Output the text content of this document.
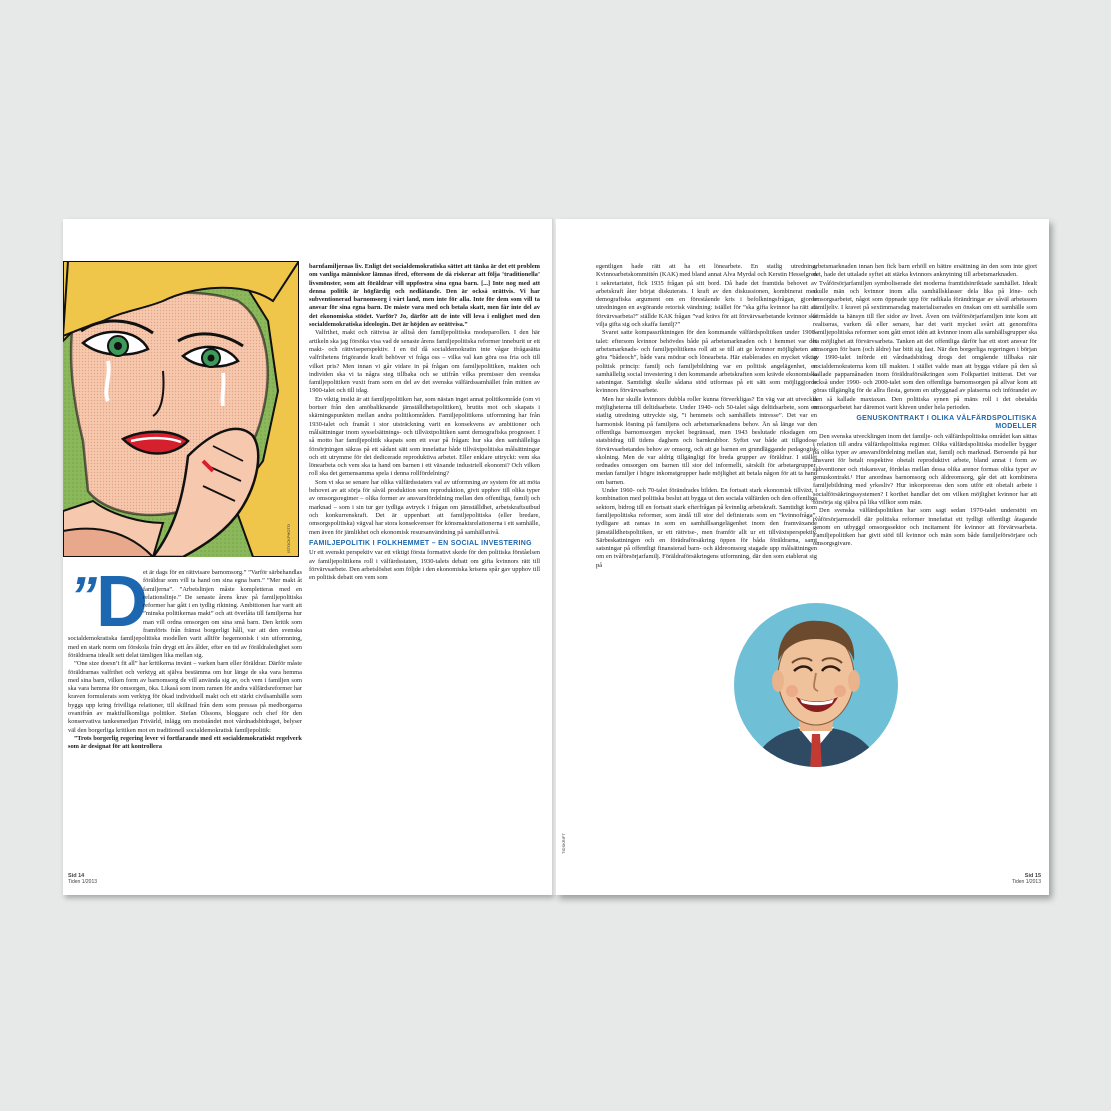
ISTOCKPHOTO
” D

et är dags för en rättvisare barnomsorg.” ”Varför särbehandlas föräldrar som vill ta hand om sina egna barn.” ”Mer makt åt familjerna”. ”Arbetslinjen måste kompletteras med en relationslinje.” De senaste årens krav på familjepolitiska reformer har gått i en tydlig riktning. Ambitionen har varit att ”minska politikernas makt” och att överlåta till familjerna hur man vill ordna omsorgen om sina små barn. Den kritik som framförts från främst borgerligt håll, var att den svenska socialdemokratiska familjepolitiska modellen varit alltför hegemonisk i sin utformning, med en stark norm om förskola från drygt ett års ålder, efter en tid av föräldraledighet som föräldrarna ideallt sett delat tämligen lika mellan sig.

”One size doesn’t fit all” har kritikerna invänt – varken barn eller föräldrar. Därför måste föräldrarnas valfrihet och verktyg att själva bestämma om hur länge de ska vara hemma med sina barn, vilken form av barnomsorg de vill använda sig av, och vem i familjen som ska vara hemma för omsorgen, öka. Likaså som inom ramen för andra välfärdsreformer har kraven formulerats som verktyg för ökad individuell makt och ett stärkt civilsamhälle som byggs upp kring frivilliga relationer, till skillnad från dem som pressas på medborgarna ovanifrån av maktfullkomliga politiker. Stefan Olssons, bloggare och chef för den konservativa tankesmedjan Frivärld, inlägg om motståndet mot vårdnadsbidraget, belyser väl den borgerliga kritiken mot en traditionell socialdemokratisk familjepolitik:

”Trots borgerlig regering lever vi fortfarande med ett socialdemokratiskt regelverk som är designat för att kontrollera

barnfamiljernas liv. Enligt det socialdemokratiska sättet att tänka är det ett problem om vanliga människor lämnas ifred, eftersom de då riskerar att följa ‘traditionella’ livsmönster, som att föräldrar vill uppfostra sina egna barn. [...] Inte nog med att denna politik är högfärdig och nedlåtande. Den är också orättvis. Vi har subventionerad barnomsorg i vårt land, men inte för alla. Inte för dem som vill ta ansvar för sina egna barn. De måste vara med och betala skatt, men får inte del av det ekonomiska stödet. Varför? Jo, därför att de inte vill leva i enlighet med den socialdemokratiska ideologin. Det är höjden av orättvisa.”

Valfrihet, makt och rättvisa är alltså den familjepolitiska modeparollen. I den här artikeln ska jag försöka visa vad de senaste årens familjepolitiska reformer inneburit ur ett makt- och rättviseperspektiv. I en tid då socialdemokratin inte vågar ifrågasätta valfrihetens frigörande kraft behöver vi fråga oss – vilka val kan göra oss fria och till vilket pris? Men innan vi går vidare in på frågan om familjepolitiken, makten och individen ska vi ta några steg tillbaka och se utifrån vilka premisser den svenska familjepolitiken vuxit fram som en del av det svenska välfärdssamhället från mitten av 1900-talet och till idag.

En viktig insikt är att familjepolitiken har, som nästan inget annat politikområde (om vi bortser från den amöbaliknande jämställdhetspolitiken), brutits mot och skapats i skärningspunkten mellan andra politikområden. Familjepolitikens utformning har från 1930-talet och framåt i stor utsträckning varit en konsekvens av ambitioner och målsättningar inom sysselsättnings- och tillväxtpolitiken samt demografiska prognoser. I så motto har familjepolitik skapats som ett svar på frågan: hur ska den samhälleliga försörjningen säkras på ett sådant sätt som innefattar både tillväxtpolitiska målsättningar och ett utrymme för det dedicerade reproduktiva arbetet. Eller enklare uttryckt: vem ska lönearbeta och vem ska ta hand om barnen i ett växande industriell ekonomi? Och vilken roll ska det gemensamma spela i denna rollfördelning?

Som vi ska se senare har olika välfärdsstaters val av utformning av system för att möta behovet av att sörja för såväl produktion som reproduktion, givit upphov till olika typer av omsorgsregimer – olika former av ansvarsfördelning mellan den offentliga, familj och marknad – som i sin tur ger tydliga avtryck i frågan om jämställdhet, arbetskraftsutbud och konkurrenskraft. Det är uppenbart att familjepolitiska (eller bredare, omsorgspolitiska) vägval har stora konsekvenser för könsmaktsrelationerna i ett samhälle, men även för jämlikhet och ekonomisk resursanvändning på samhällsnivå.

FAMILJEPOLITIK I FOLKHEMMET – EN SOCIAL INVESTERING

Ur ett svenskt perspektiv var ett viktigt första formativt skede för den politiska förståelsen av familjepolitikens roll i välfärdsstaten, 1930-talets debatt om gifta kvinnors rätt till förvärvsarbete. Den arbetslöshet som följde i den ekonomiska krisens spår gav upphov till en politisk debatt om vem som

Sid 14
Tiden 1/2013
TIDSKRIFT

egentligen hade rätt att ha ett lönearbete. En statlig utredning, Kvinnoarbetskommittén (KAK) med bland annat Alva Myrdal och Kerstin Hesselgren i sekretariatet, fick 1935 frågan på sitt bord. Då hade det framtida behovet av arbetskraft åter börjat diskuterats. I kraft av den diskussionen, kombinerat med demografiska argument om en förestående kris i befolkningsfrågan, gjorde utredningen en avgörande retorisk vändning: istället för ”ska gifta kvinnor ha rätt att förvärvsarbeta?” ställde KAK frågan ”vad krävs för att förvärvsarbetande kvinnor ska vilja gifta sig och skaffa familj?”

Svaret satte kompassriktningen för den kommande välfärdspolitiken under 1900-talet: eftersom kvinnor behövdes både på arbetsmarknaden och i hemmet var det arbetsmarknads- och familjepolitikens roll att se till att ge kvinnor möjligheten att göra ”bådeoch”, både vara mödrar och lönearbeta. Här etablerades en mycket viktig politisk princip: familj och familjebildning var en politisk angelägenhet, en samhällelig social investering i den kommande arbetskraften som krävde ekonomiska satsningar. Samtidigt skulle sådana stöd utformas på ett sätt som möjliggjorde kvinnors förvärvsarbete.

Men hur skulle kvinnors dubbla roller kunna förverkligas? En väg var att utveckla möjligheterna till deltidsarbete. Under 1940- och 50-talet sågs deltidsarbete, som en statlig utredning uttryckte sig, ”i hemmets och samhällets intresse”. Det var en harmonisk lösning på familjens och arbetsmarknadens behov. Än så länge var den offentliga barnomsorgen mycket begränsad, men 1943 beslutade riksdagen om statsbidrag till tidens daghem och barnkrubbor. Syftet var både att tillgodose förvärvsarbetandes behov av omsorg, och att ge barnen en grundläggande pedagogisk skolning. Men de var aldrig tillgängligt för breda grupper av föräldrar. I stället ordnades omsorgen om barnen till stor del informellt, särskilt för arbetargrupper, medan familjer i högre inkomstgrupper hade möjlighet att betala någon för att ta hand om barnen.

Under 1960- och 70-talet förändrades bilden. En fortsatt stark ekonomisk tillväxt, i kombination med politiska beslut att bygga ut den sociala välfärden och den offentliga sektorn, bidrog till en fortsatt stark efterfrågan på kvinnlig arbetskraft. Samtidigt kom familjepolitiska reformer, som ändå till stor del definierats som en ”kvinnofråga”, tydligare att ramas in som en samhällsangelägenhet inom den framväxande jämställdhetspolitiken, ur ett rättvise-, men framför allt ur ett tillväxtsperspektiv. Särbeskattningen och en förädraförsäkring öppen för båda föräldrarna, samt satsningar på offentligt finansierad barn- och äldreomsorg stagade upp målsättningen om en tvåförsörjarfamilj. Föräldraförsäkringens utformning, där den som etablerat sig på

arbetsmarknaden innan hen fick barn erhöll en bättre ersättning än den som inte gjort det, hade det uttalade syftet att stärka kvinnors anknytning till arbetsmarknaden.

Tvåförsörjarfamiljen symboliserade det moderna framtidsinriktade samhället. Idealt skulle män och kvinnor inom alla samhällsklasser dela lika på löne- och omsorgsarbetet, något som öppnade upp för radikala förändringar av såväl arbetssom familjeliv. I kravet på sextimmarsdag materialiserades en önskan om ett samhälle som förmådde ta hänsyn till fler sidor av livet. Även om tvåförsörjarfamiljen inte kom att realiseras, varken då eller senare, har det varit mycket svårt att genomföra familjepolitiska reformer som gått emot idén att kvinnor inom alla samhällsgrupper ska ha möjlighet att förvärvsarbeta. Tanken att det offentliga därför har ett stort ansvar för omsorgen för barn (och äldre) har bitit sig fast. När den borgerliga regeringen i början av 1990-talet införde ett vårdnadsbidrag drogs det omgående tillbaka när socialdemokraterna kom till makten. I stället valde man att bygga vidare på den så kallade pappamånaden inom föräldraförsäkringen som Folkpartiet initierat. Det var också under 1990- och 2000-talet som den offentliga barnomsorgen på allvar kom att göras tillgänglig för de allra flesta, genom en utbyggnad av platserna och införandet av den så kallade maxtaxan. Den politiska synen på mäns roll i det obetalda omsorgsarbetet har däremot varit kluven under hela perioden.

GENUSKONTRAKT I OLIKA VÄLFÄRDSPOLITISKA MODELLER

Den svenska utvecklingen inom det familje- och välfärdspolitiska området kan sättas i relation till andra välfärdspolitiska regimer. Olika välfärdspolitiska modeller bygger på olika typer av ansvarsfördelning mellan stat, familj och marknad. Beroende på hur ansvaret för betalt respektive obetalt reproduktivt arbete, bland annat i form av subventioner och riskansvar, fördelas mellan dessa olika arenor formas olika typer av genuskontrakt.¹ Hur anordnas barnomsorg och äldreomsorg, går det att kombinera familjebildning med yrkesliv? Hur inkorporeras den som utför ett obetalt arbete i socialförsäkringssystemen? I korthet handlar det om vilken möjlighet kvinnor har att försörja sig själva på lika villkor som män.

Den svenska välfärdspolitiken har som sagt sedan 1970-talet understött en tvåförsörjarmodell där politiska reformer innefattat ett tydligt offentligt åtagande genom en utbyggd omsorgssektor och incitament för kvinnor att förvärvsarbeta. Familjepolitiken har givit stöd till kvinnor och män som både familjeförsörjare och omsorgsgivare.

Sid 15
Tiden 1/2013
